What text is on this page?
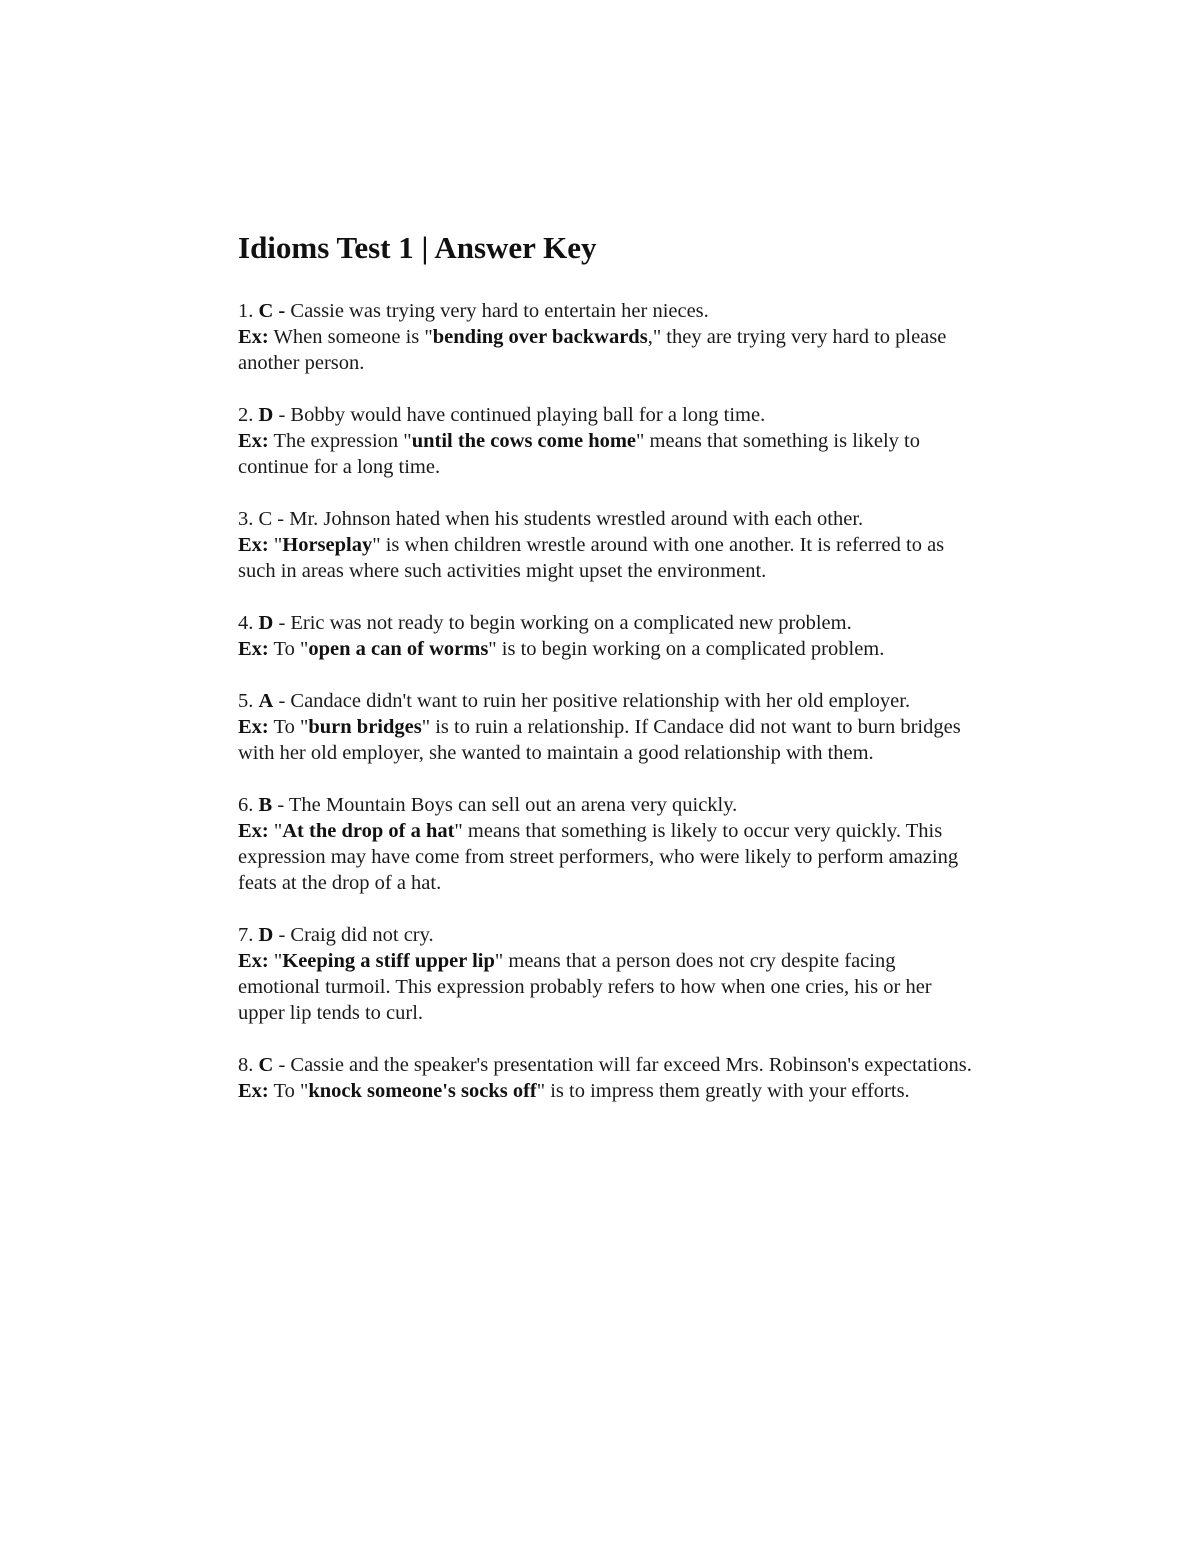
Idioms Test 1 | Answer Key

1. C - Cassie was trying very hard to entertain her nieces.

Ex: When someone is "bending over backwards," they are trying very hard to please another person.

2. D - Bobby would have continued playing ball for a long time.

Ex: The expression "until the cows come home" means that something is likely to continue for a long time.

3. C - Mr. Johnson hated when his students wrestled around with each other.

Ex: "Horseplay" is when children wrestle around with one another. It is referred to as such in areas where such activities might upset the environment.

4. D - Eric was not ready to begin working on a complicated new problem.

Ex: To "open a can of worms" is to begin working on a complicated problem.

5. A - Candace didn't want to ruin her positive relationship with her old employer.

Ex: To "burn bridges" is to ruin a relationship. If Candace did not want to burn bridges with her old employer, she wanted to maintain a good relationship with them.

6. B - The Mountain Boys can sell out an arena very quickly.

Ex: "At the drop of a hat" means that something is likely to occur very quickly. This expression may have come from street performers, who were likely to perform amazing feats at the drop of a hat.

7. D - Craig did not cry.

Ex: "Keeping a stiff upper lip" means that a person does not cry despite facing emotional turmoil. This expression probably refers to how when one cries, his or her upper lip tends to curl.

8. C - Cassie and the speaker's presentation will far exceed Mrs. Robinson's expectations.

Ex: To "knock someone's socks off" is to impress them greatly with your efforts.
